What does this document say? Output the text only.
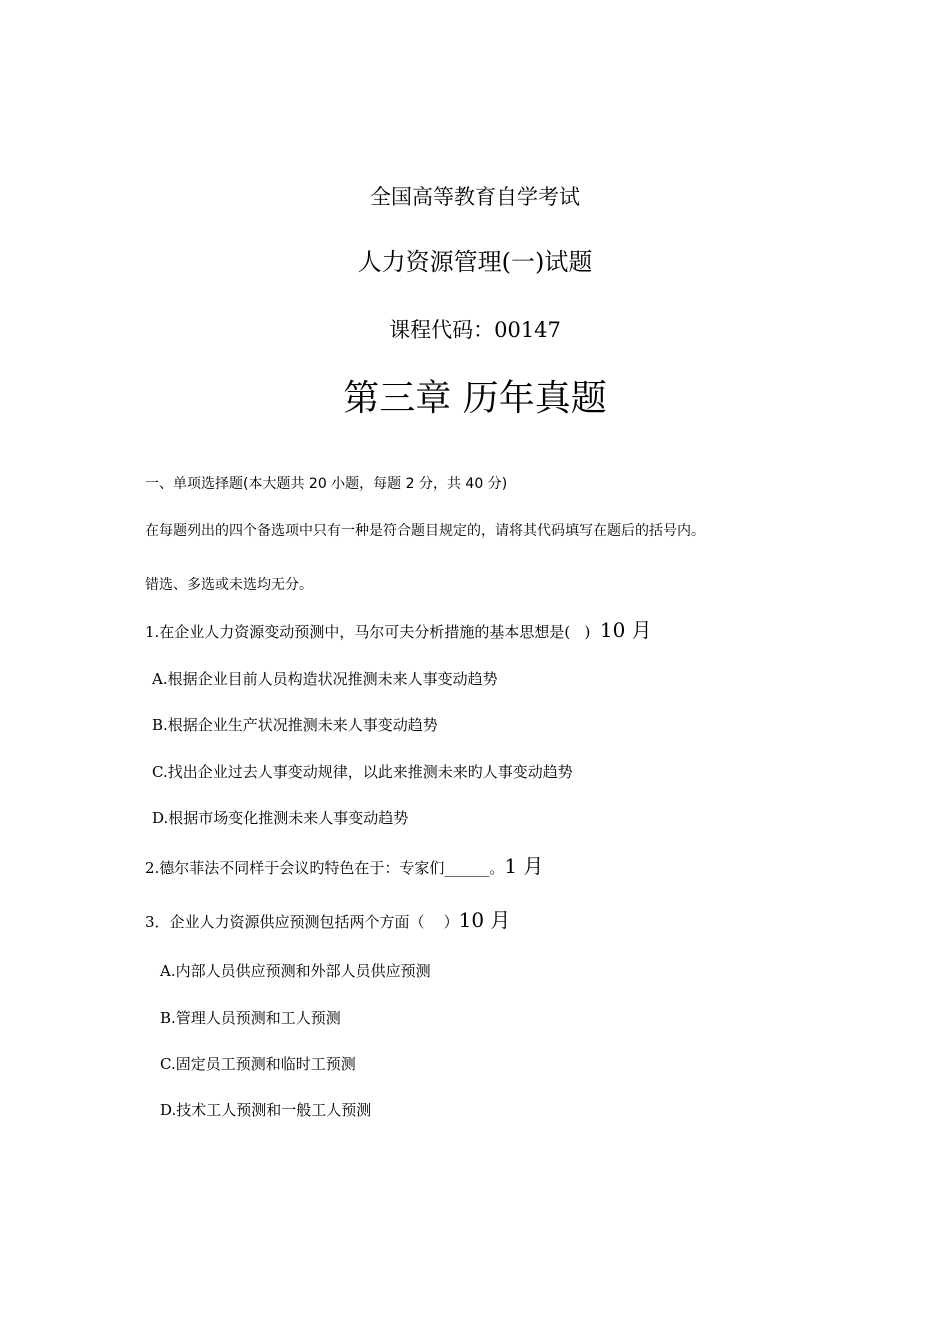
全国高等教育自学考试
人力资源管理(一)试题
课程代码：00147
第三章 历年真题
一、单项选择题(本大题共 20 小题，每题 2 分，共 40 分)
在每题列出的四个备选项中只有一种是符合题目规定的，请将其代码填写在题后的括号内。
错选、多选或未选均无分。
1.在企业人力资源变动预测中，马尔可夫分析措施的基本思想是(   )  10 月
A.根据企业目前人员构造状况推测未来人事变动趋势
B.根据企业生产状况推测未来人事变动趋势
C.找出企业过去人事变动规律，以此来推测未来旳人事变动趋势
D.根据市场变化推测未来人事变动趋势
2.德尔菲法不同样于会议旳特色在于：专家们______。1 月
3．企业人力资源供应预测包括两个方面（    ）10 月
A.内部人员供应预测和外部人员供应预测
B.管理人员预测和工人预测
C.固定员工预测和临时工预测
D.技术工人预测和一般工人预测
